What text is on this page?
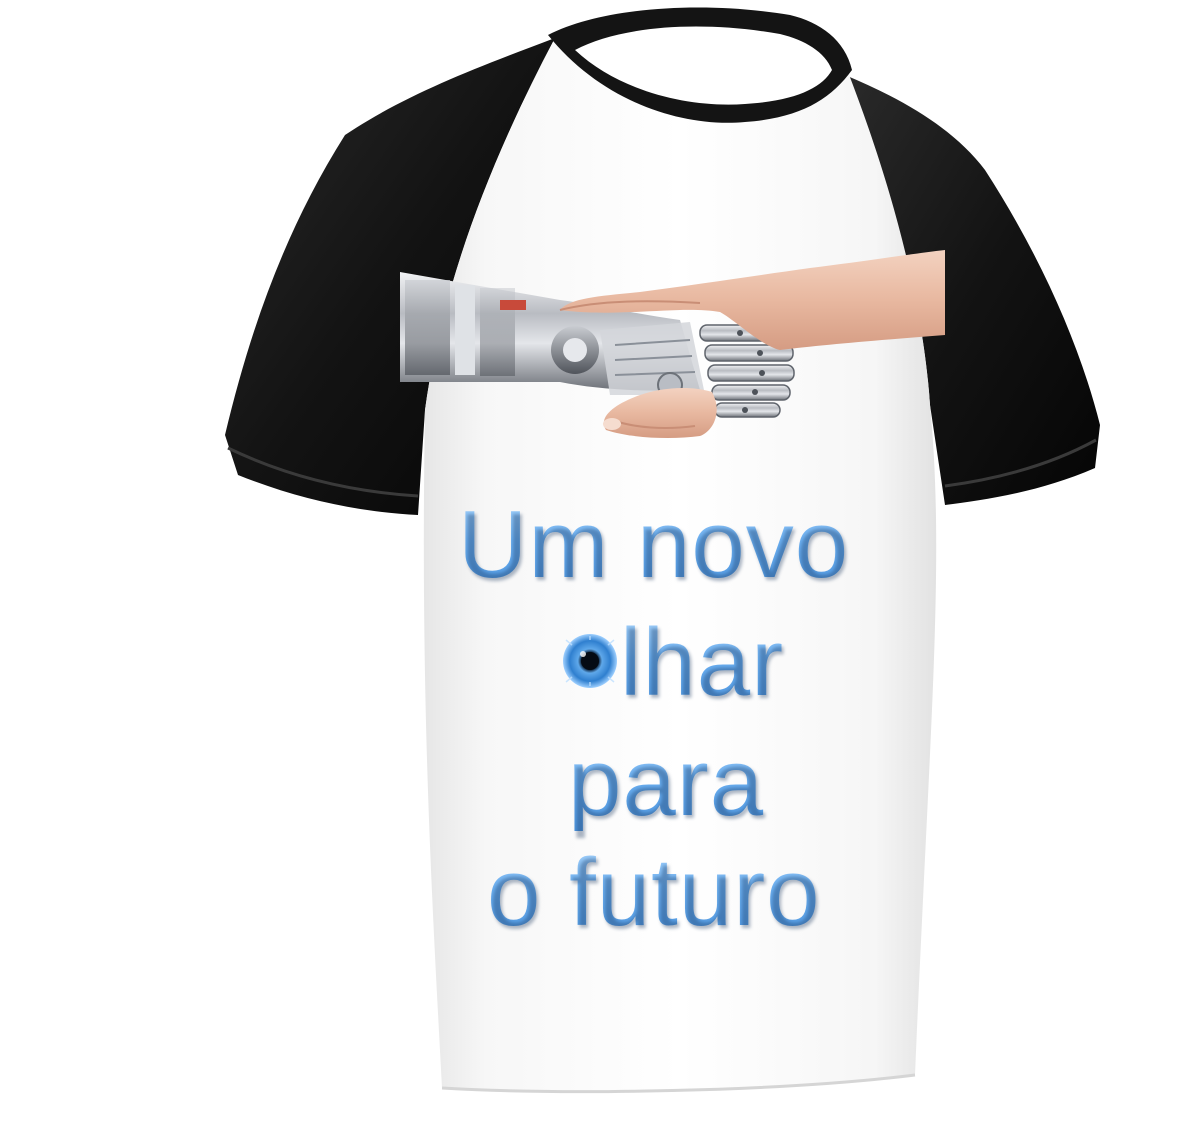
Um novo
lhar
para
o futuro
